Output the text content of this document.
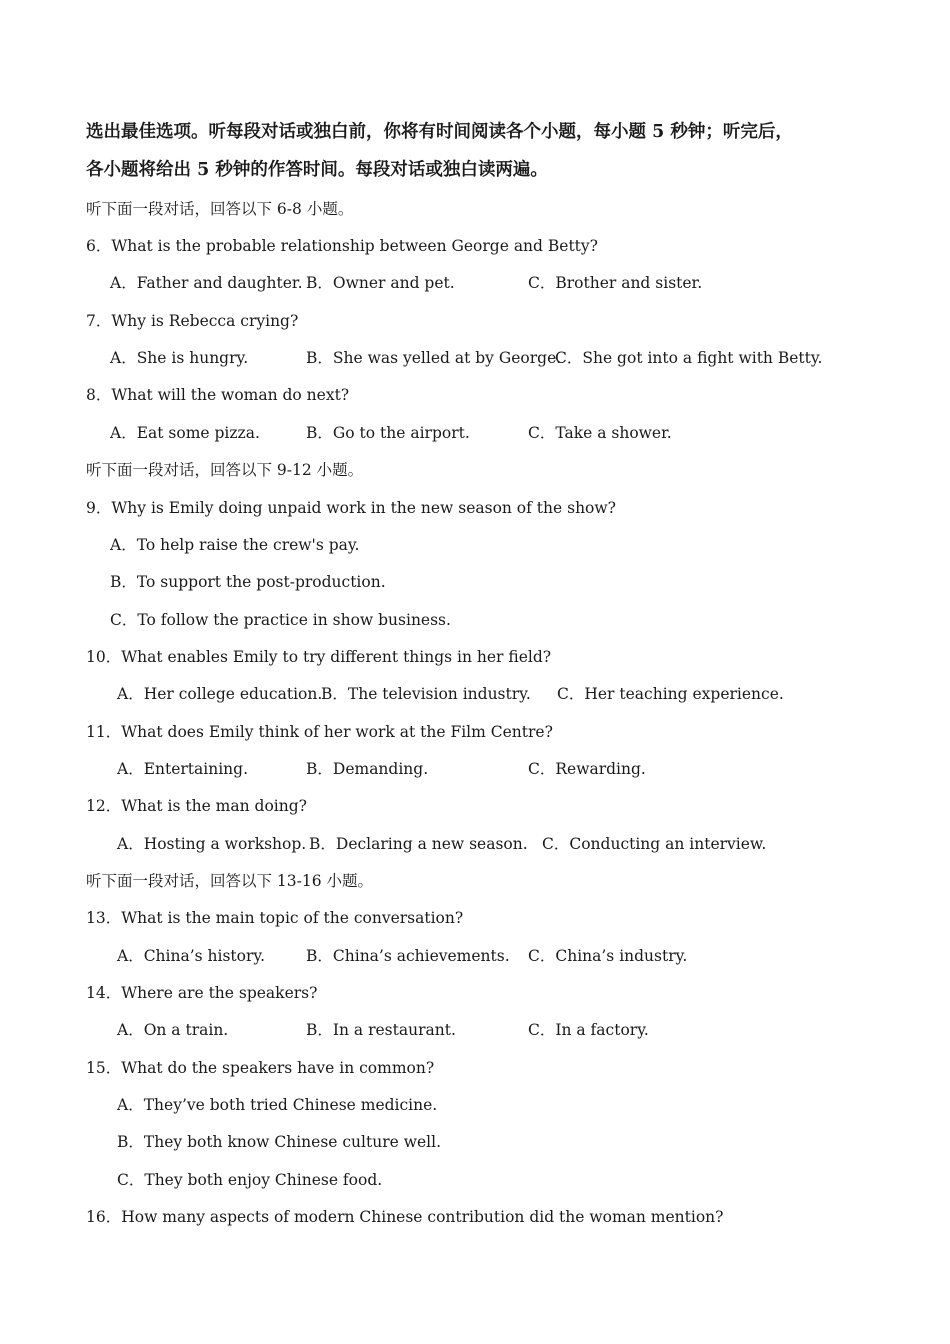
选出最佳选项。听每段对话或独白前，你将有时间阅读各个小题，每小题 5 秒钟；听完后，
各小题将给出 5 秒钟的作答时间。每段对话或独白读两遍。
听下面一段对话，回答以下 6-8 小题。
6．What is the probable relationship between George and Betty?
A．Father and daughter. B．Owner and pet.	C．Brother and sister.
7．Why is Rebecca crying?
A．She is hungry.	B．She was yelled at by George.
C．She got into a fight with Betty.
8．What will the woman do next?
A．Eat some pizza.	B．Go to the airport.	C．Take a shower.
听下面一段对话，回答以下 9-12 小题。
9．Why is Emily doing unpaid work in the new season of the show?
A．To help raise the crew's pay.
B．To support the post-production.
C．To follow the practice in show business.
10．What enables Emily to try different things in her field?
A．Her college education.
B．The television industry. C．Her teaching experience.
11．What does Emily think of her work at the Film Centre?
A．Entertaining.	B．Demanding.	C．Rewarding.
12．What is the man doing?
A．Hosting a workshop. B．Declaring a new season. C．Conducting an interview.
听下面一段对话，回答以下 13-16 小题。
13．What is the main topic of the conversation?
A．China’s history.	B．China’s achievements. C．China’s industry.
14．Where are the speakers?
A．On a train.	B．In a restaurant.	C．In a factory.
15．What do the speakers have in common?
A．They’ve both tried Chinese medicine.
B．They both know Chinese culture well.
C．They both enjoy Chinese food.
16．How many aspects of modern Chinese contribution did the woman mention?
